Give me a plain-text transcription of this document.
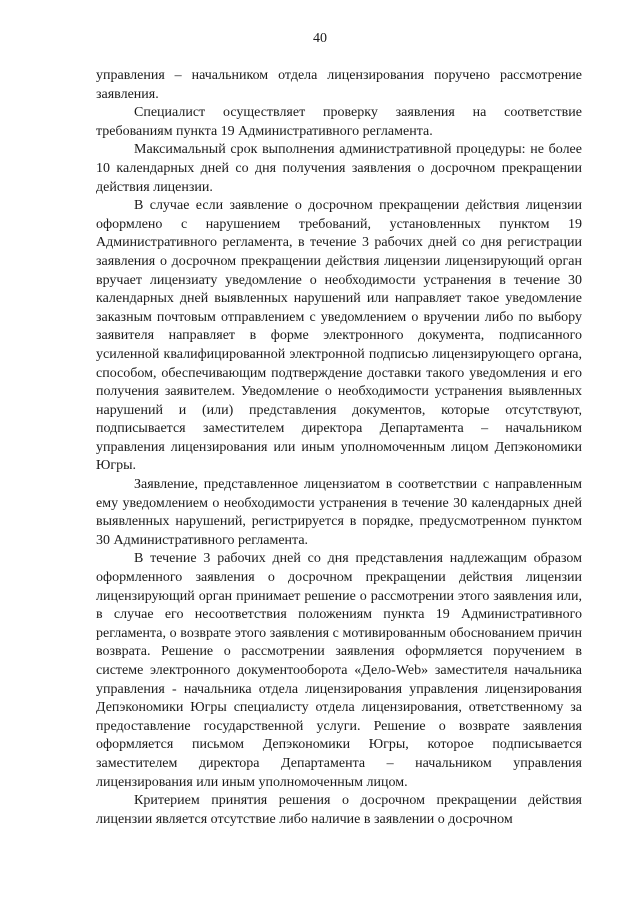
40

управления – начальником отдела лицензирования поручено рассмотрение заявления.

Специалист осуществляет проверку заявления на соответствие требованиям пункта 19 Административного регламента.

Максимальный срок выполнения административной процедуры: не более 10 календарных дней со дня получения заявления о досрочном прекращении действия лицензии.

В случае если заявление о досрочном прекращении действия лицензии оформлено с нарушением требований, установленных пунктом 19 Административного регламента, в течение 3 рабочих дней со дня регистрации заявления о досрочном прекращении действия лицензии лицензирующий орган вручает лицензиату уведомление о необходимости устранения в течение 30 календарных дней выявленных нарушений или направляет такое уведомление заказным почтовым отправлением с уведомлением о вручении либо по выбору заявителя направляет в форме электронного документа, подписанного усиленной квалифицированной электронной подписью лицензирующего органа, способом, обеспечивающим подтверждение доставки такого уведомления и его получения заявителем. Уведомление о необходимости устранения выявленных нарушений и (или) представления документов, которые отсутствуют, подписывается заместителем директора Департамента – начальником управления лицензирования или иным уполномоченным лицом Депэкономики Югры.

Заявление, представленное лицензиатом в соответствии с направленным ему уведомлением о необходимости устранения в течение 30 календарных дней выявленных нарушений, регистрируется в порядке, предусмотренном пунктом 30 Административного регламента.

В течение 3 рабочих дней со дня представления надлежащим образом оформленного заявления о досрочном прекращении действия лицензии лицензирующий орган принимает решение о рассмотрении этого заявления или, в случае его несоответствия положениям пункта 19 Административного регламента, о возврате этого заявления с мотивированным обоснованием причин возврата. Решение о рассмотрении заявления оформляется поручением в системе электронного документооборота «Дело-Web» заместителя начальника управления - начальника отдела лицензирования управления лицензирования Депэкономики Югры специалисту отдела лицензирования, ответственному за предоставление государственной услуги. Решение о возврате заявления оформляется письмом Депэкономики Югры, которое подписывается заместителем директора Департамента – начальником управления лицензирования или иным уполномоченным лицом.

Критерием принятия решения о досрочном прекращении действия лицензии является отсутствие либо наличие в заявлении о досрочном
